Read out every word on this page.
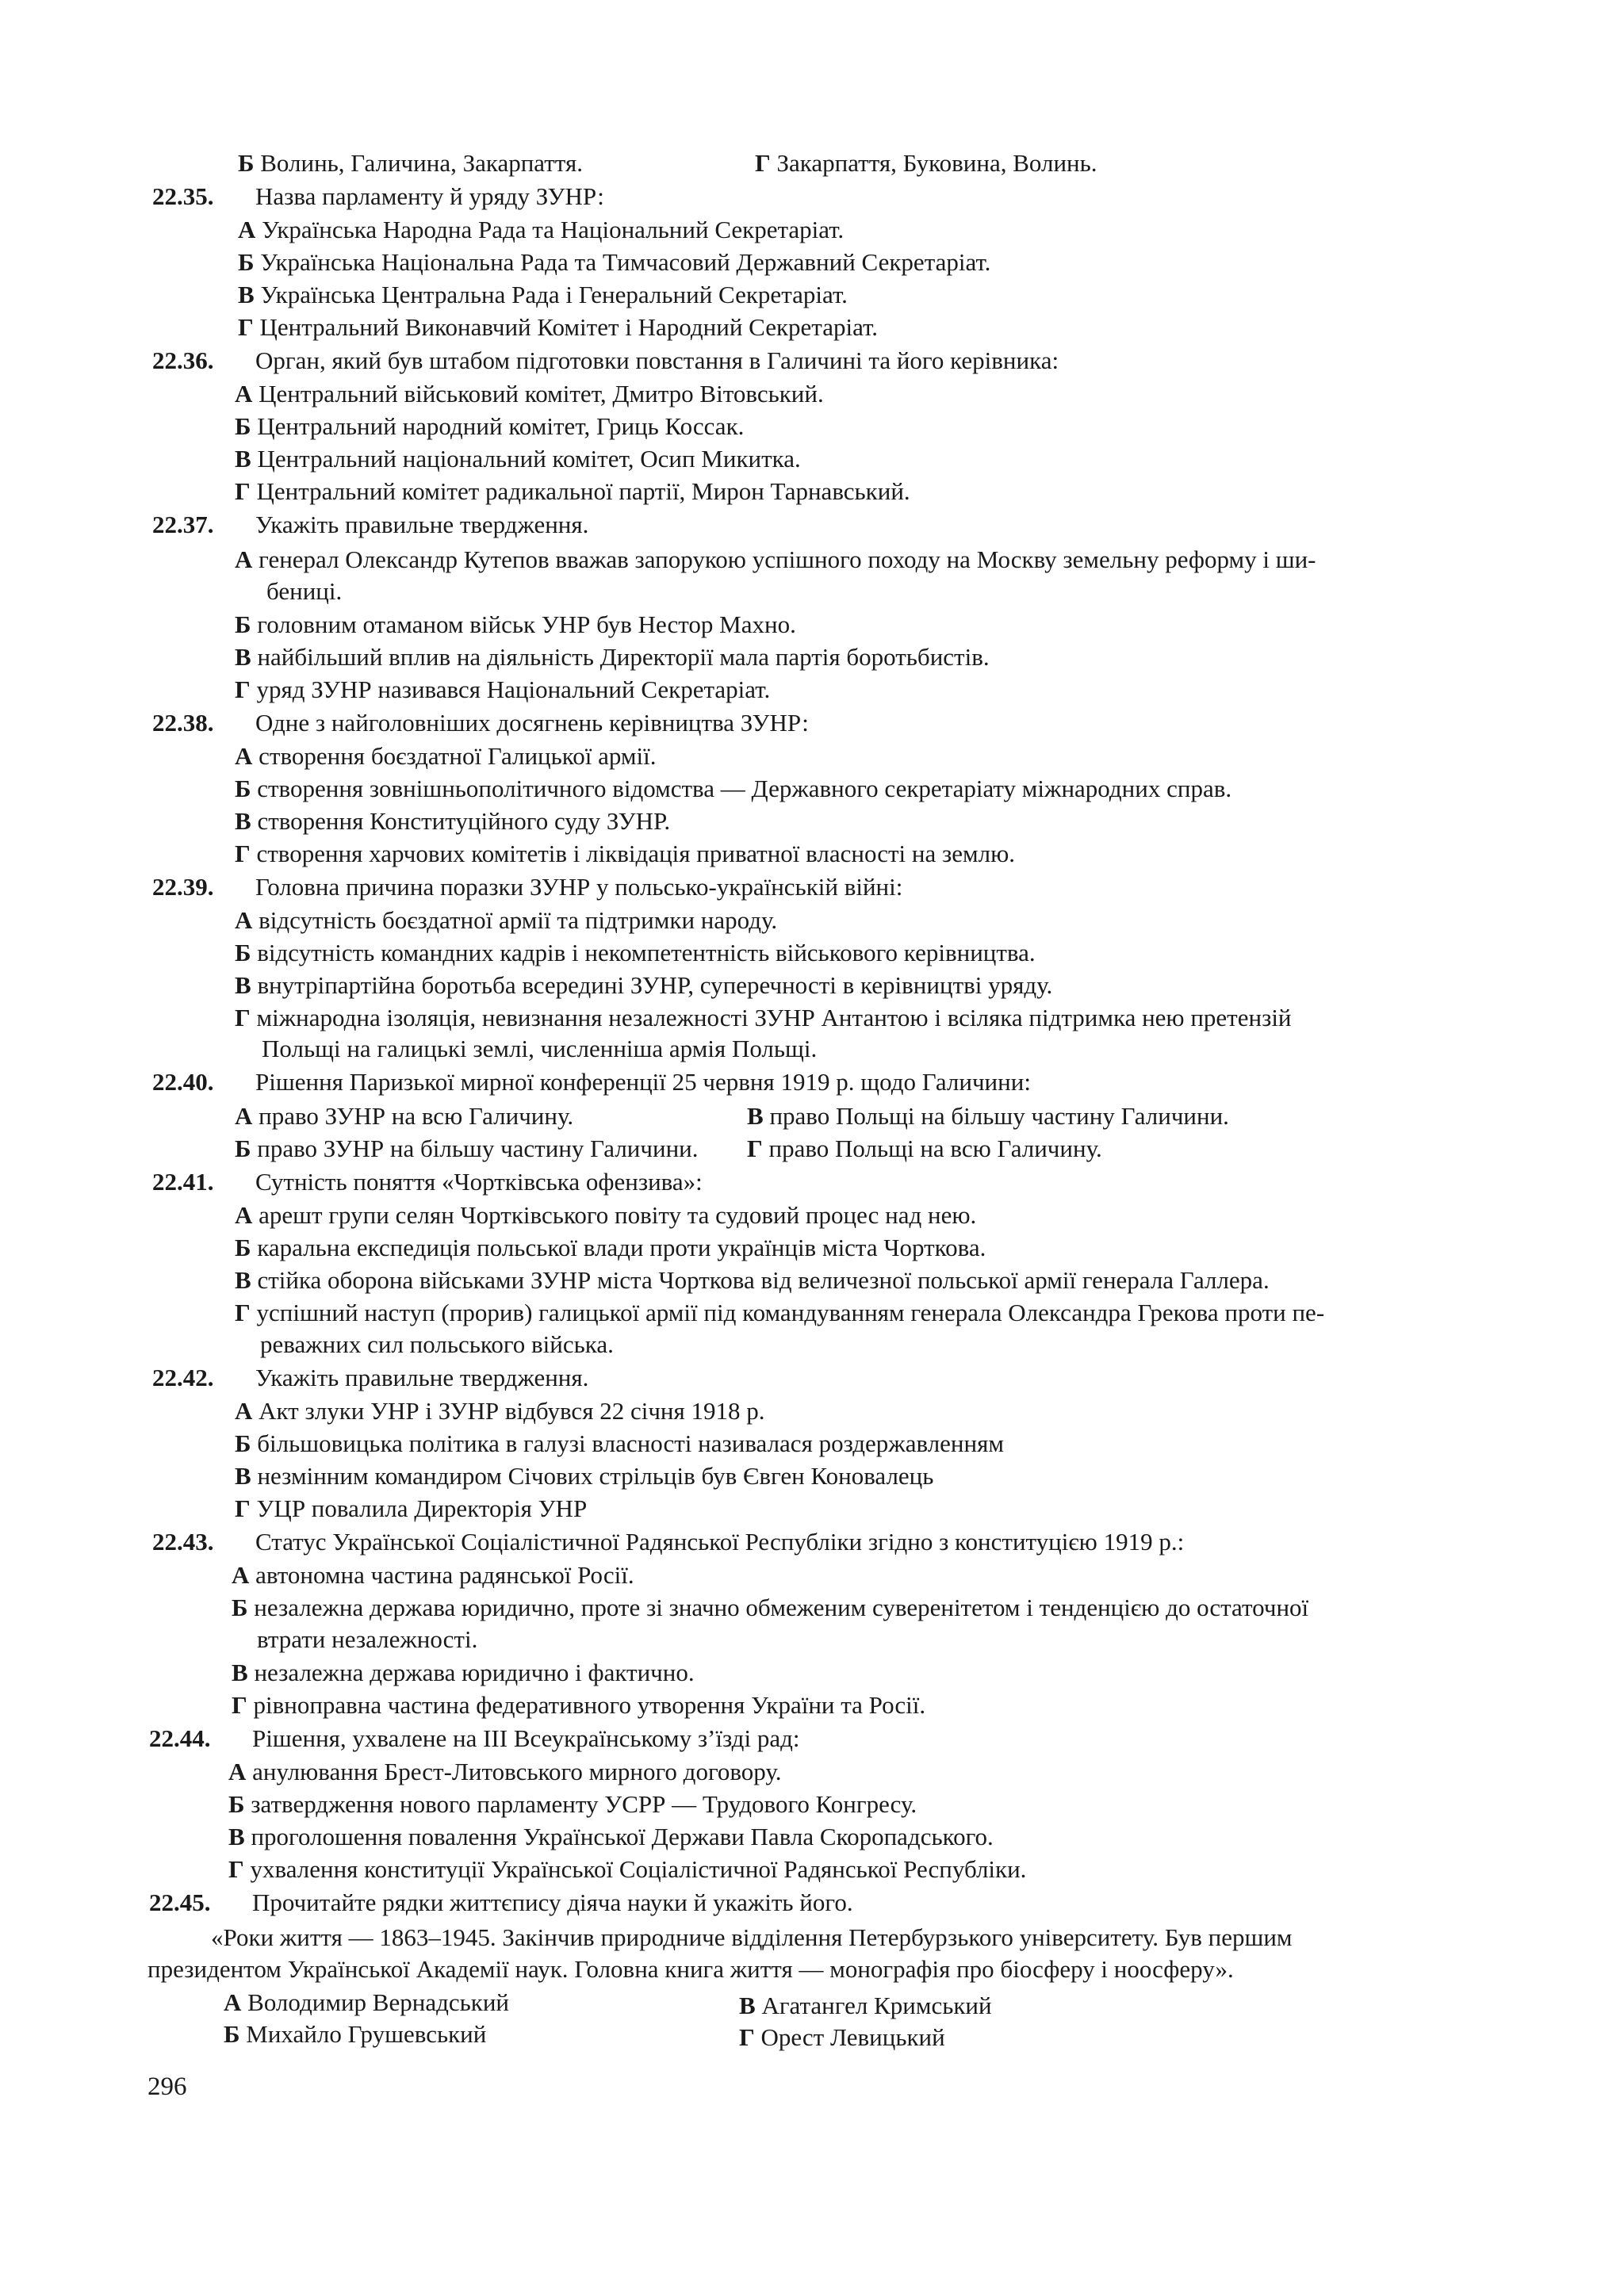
Б Волинь, Галичина, Закарпаття.	Г Закарпаття, Буковина, Волинь.
22.35. Назва парламенту й уряду ЗУНР:
А Українська Народна Рада та Національний Секретаріат.
Б Українська Національна Рада та Тимчасовий Державний Секретаріат.
В Українська Центральна Рада і Генеральний Секретаріат.
Г Центральний Виконавчий Комітет і Народний Секретаріат.
22.36. Орган, який був штабом підготовки повстання в Галичині та його керівника:
А Центральний військовий комітет, Дмитро Вітовський.
Б Центральний народний комітет, Гриць Коссак.
В Центральний національний комітет, Осип Микитка.
Г Центральний комітет радикальної партії, Мирон Тарнавський.
22.37. Укажіть правильне твердження.
А генерал Олександр Кутепов вважав запорукою успішного походу на Москву земельну реформу і ши-
бениці.
Б головним отаманом військ УНР був Нестор Махно.
В найбільший вплив на діяльність Директорії мала партія боротьбистів.
Г уряд ЗУНР називався Національний Секретаріат.
22.38. Одне з найголовніших досягнень керівництва ЗУНР:
А створення боєздатної Галицької армії.
Б створення зовнішньополітичного відомства — Державного секретаріату міжнародних справ.
В створення Конституційного суду ЗУНР.
Г створення харчових комітетів і ліквідація приватної власності на землю.
22.39. Головна причина поразки ЗУНР у польсько-українській війні:
А відсутність боєздатної армії та підтримки народу.
Б відсутність командних кадрів і некомпетентність військового керівництва.
В внутріпартійна боротьба всередині ЗУНР, суперечності в керівництві уряду.
Г міжнародна ізоляція, невизнання незалежності ЗУНР Антантою і всіляка підтримка нею претензій
Польщі на галицькі землі, численніша армія Польщі.
22.40. Рішення Паризької мирної конференції 25 червня 1919 р. щодо Галичини:
А право ЗУНР на всю Галичину.	В право Польщі на більшу частину Галичини.
Б право ЗУНР на більшу частину Галичини. Г право Польщі на всю Галичину.
22.41. Сутність поняття «Чортківська офензива»:
А арешт групи селян Чортківського повіту та судовий процес над нею.
Б каральна експедиція польської влади проти українців міста Чорткова.
В стійка оборона військами ЗУНР міста Чорткова від величезної польської армії генерала Галлера.
Г успішний наступ (прорив) галицької армії під командуванням генерала Олександра Грекова проти пе-
реважних сил польського війська.
22.42. Укажіть правильне твердження.
А Акт злуки УНР і ЗУНР відбувся 22 січня 1918 р.
Б більшовицька політика в галузі власності називалася роздержавленням
В незмінним командиром Січових стрільців був Євген Коновалець
Г УЦР повалила Директорія УНР
22.43. Статус Української Соціалістичної Радянської Республіки згідно з конституцією 1919 р.:
А автономна частина радянської Росії.
Б незалежна держава юридично, проте зі значно обмеженим суверенітетом і тенденцією до остаточної
втрати незалежності.
В незалежна держава юридично і фактично.
Г рівноправна частина федеративного утворення України та Росії.
22.44. Рішення, ухвалене на ІІІ Всеукраїнському з’їзді рад:
А анулювання Брест-Литовського мирного договору.
Б затвердження нового парламенту УСРР — Трудового Конгресу.
В проголошення повалення Української Держави Павла Скоропадського.
Г ухвалення конституції Української Соціалістичної Радянської Республіки.
22.45. Прочитайте рядки життєпису діяча науки й укажіть його.
«Роки життя — 1863–1945. Закінчив природниче відділення Петербурзького університету. Був першим
президентом Української Академії наук. Головна книга життя — монографія про біосферу і ноосферу».
А Володимир Вернадський	В Агатангел Кримський
Б Михайло Грушевський	Г Орест Левицький
296
